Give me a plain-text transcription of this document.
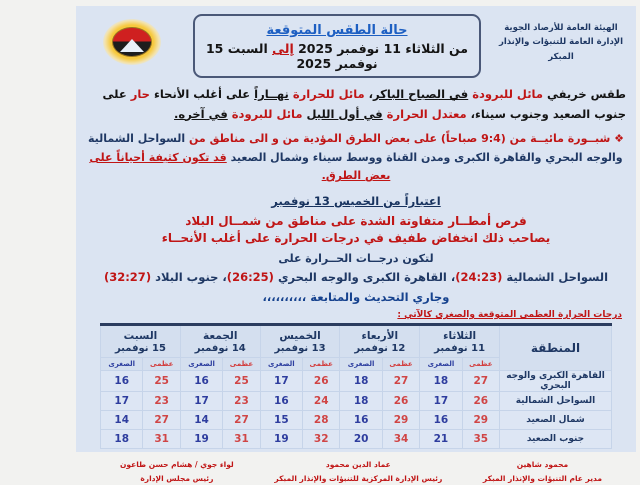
الهيئة العامة للأرصاد الجوية
الإدارة العامة للتنبؤات والإنذار المبكر
حالة الطقس المتوقعة
من الثلاثاء 11 نوفمبر 2025 إلى السبت 15 نوفمبر 2025

طقس خريفي مائل للبرودة في الصباح الباكر، مائل للحرارة نهــاراً على أغلب الأنحاء حار على جنوب الصعيد وجنوب سيناء، معتدل الحرارة في أول الليل مائل للبرودة في آخره.

❖ شبــورة مائيــة من (9:4 صباحاً) على بعض الطرق المؤدية من و الى مناطق من السواحل الشمالية والوجه البحري والقاهرة الكبرى ومدن القناة ووسط سيناء وشمال الصعيد قد تكون كثيفة أحياناً على بعض الطرق.

اعتباراً من الخميس 13 نوفمبر
فرص أمطــار متفاوتة الشدة على مناطق من شمــال البلاد
يصاحب ذلك انخفاض طفيف في درجات الحرارة على أغلب الأنحــاء
لتكون درجــات الحــرارة على
السواحل الشمالية (24:23)، القاهرة الكبرى والوجه البحري (26:25)، جنوب البلاد (32:27)
وجاري التحديث والمتابعة ،،،،،،،،،،
درجات الحرارة العظمى المتوقعة والصغرى كالآتي :
المنطقة	الثلاثاء
11 نوفمبر		الأربعاء
12 نوفمبر		الخميس
13 نوفمبر		الجمعة
14 نوفمبر		السبت
15 نوفمبر	

	عظمى	الصغرى	عظمى	الصغرى	عظمى	الصغرى	عظمى	الصغرى	عظمى	الصغرى
القاهرة الكبرى والوجه البحري	27	18	27	18	26	17	25	16	25	16
السواحل الشمالية	26	17	26	18	24	16	23	17	23	17
شمال الصعيد	29	16	29	16	28	15	27	14	27	14
جنوب الصعيد	35	21	34	20	32	19	31	19	31	18
محمود شاهين
مدير عام التنبؤات والإنذار المبكر
عماد الدين محمود
رئيس الإدارة المركزية للتنبؤات والإنذار المبكر
لواء جوي / هشام حسن طاعون
رئيس مجلس الإدارة
